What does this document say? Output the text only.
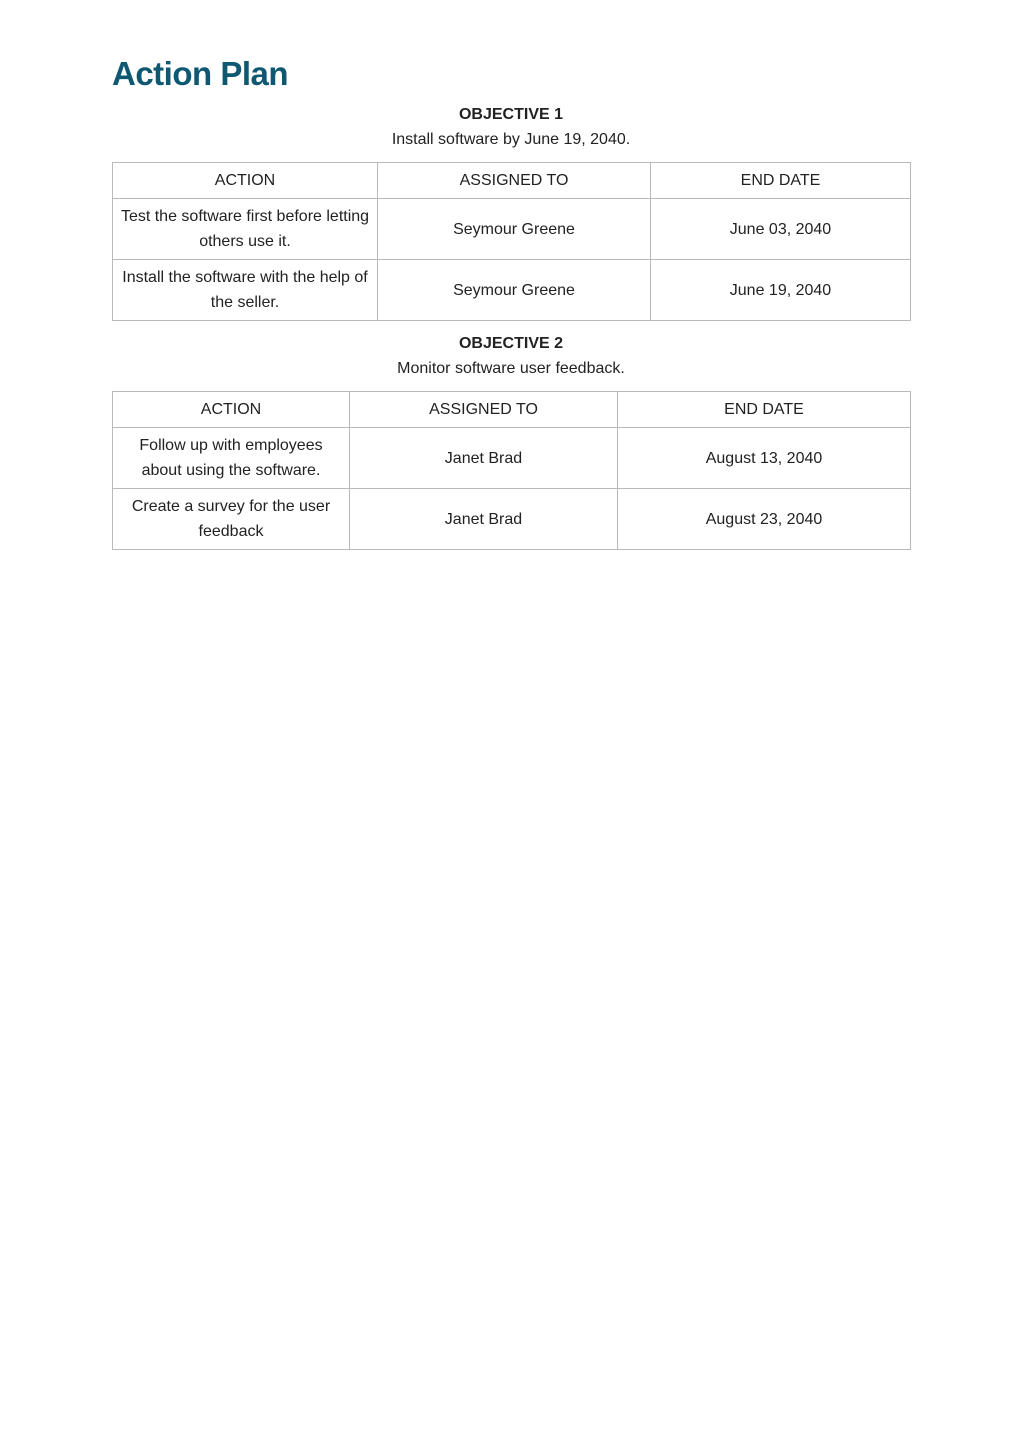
Action Plan
OBJECTIVE 1
Install software by June 19, 2040.
ACTION	ASSIGNED TO	END DATE
Test the software first before letting others use it.	Seymour Greene	June 03, 2040
Install the software with the help of the seller.	Seymour Greene	June 19, 2040
OBJECTIVE 2
Monitor software user feedback.
ACTION	ASSIGNED TO	END DATE
Follow up with employees about using the software.	Janet Brad	August 13, 2040
Create a survey for the user feedback	Janet Brad	August 23, 2040
